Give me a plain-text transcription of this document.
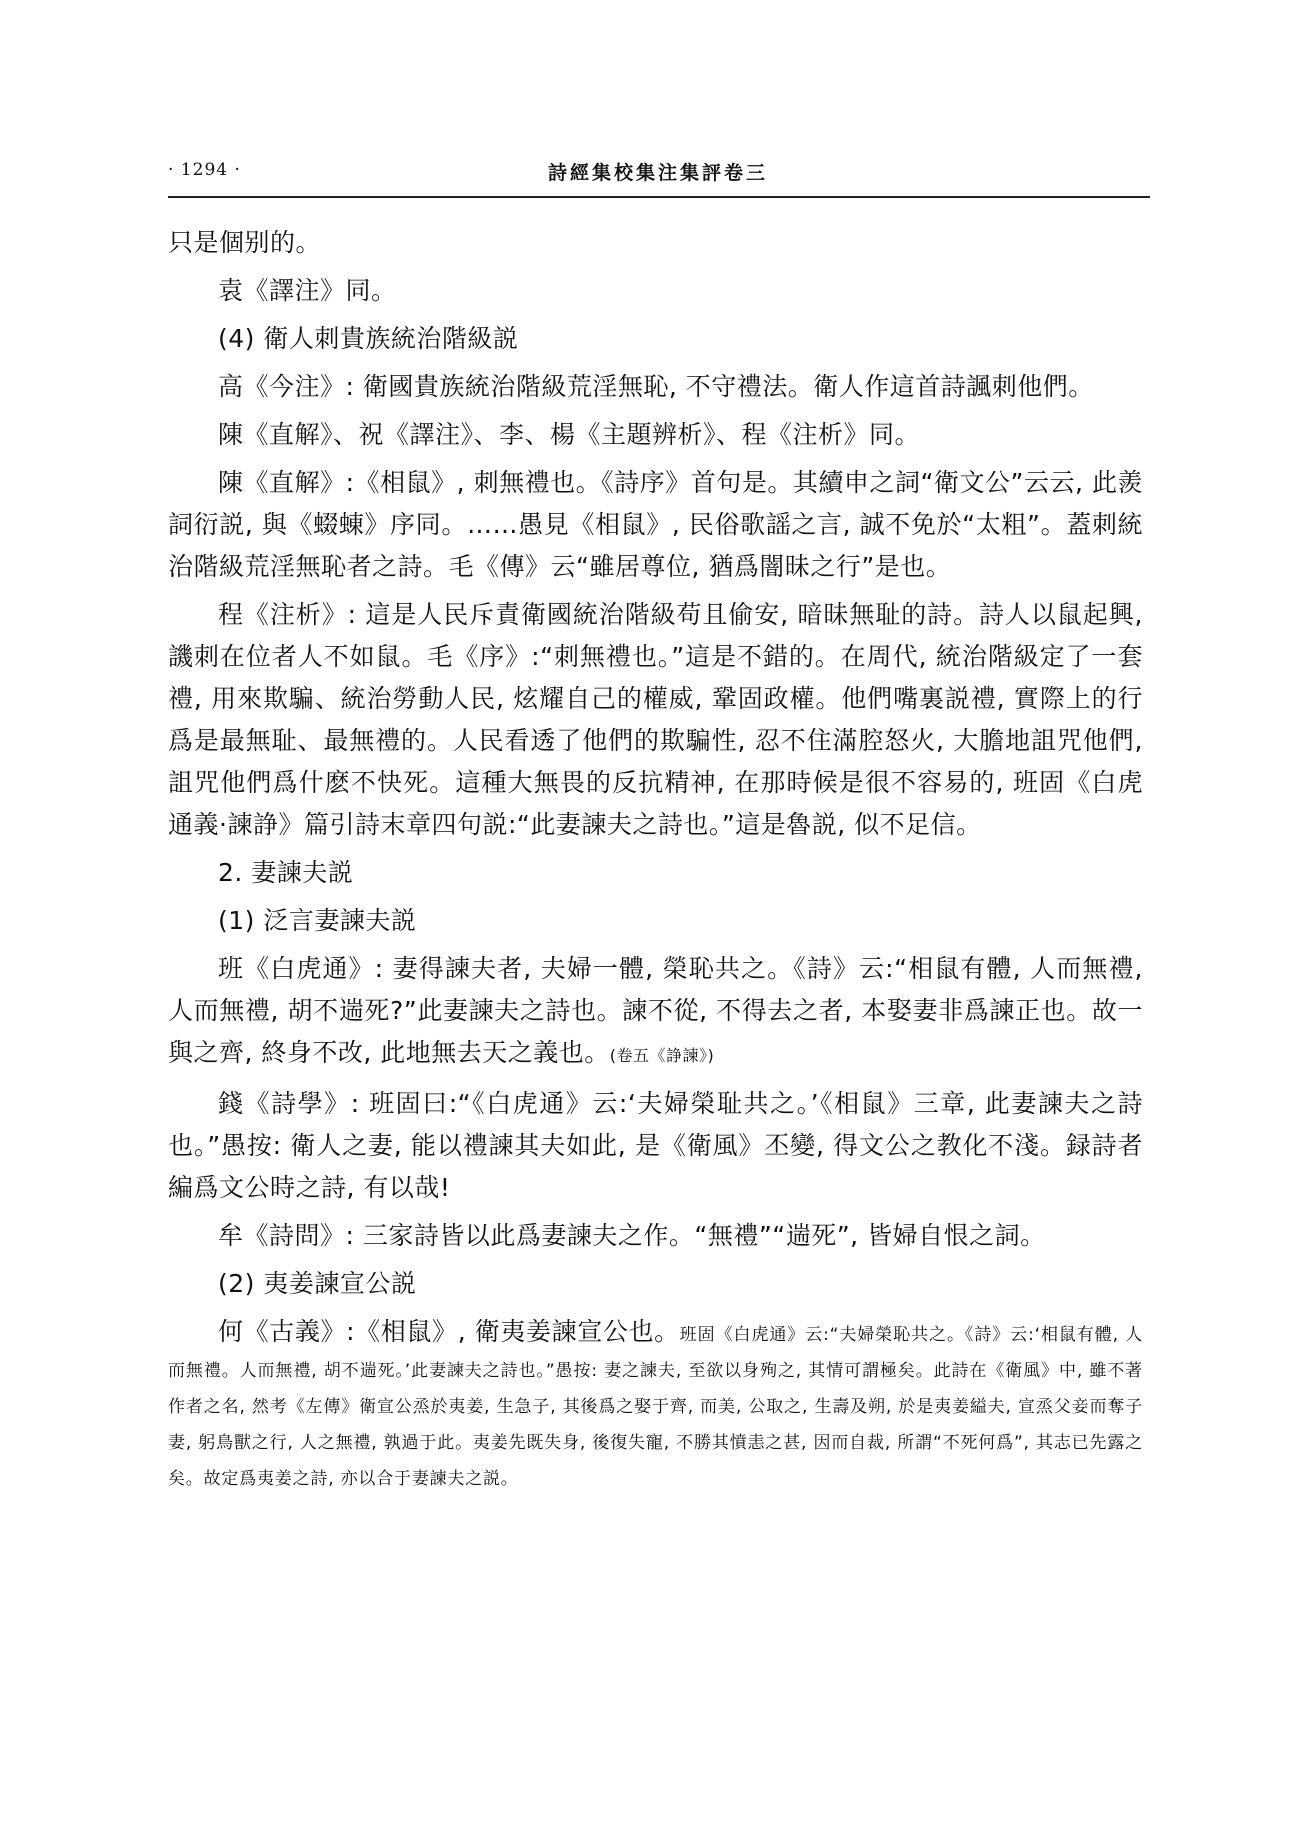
· 1294 ·	詩經集校集注集評卷三

只是個别的。

袁《譯注》同。

(4) 衛人刺貴族統治階級説

高《今注》: 衛國貴族統治階級荒淫無恥, 不守禮法。衛人作這首詩諷刺他們。

陳《直解》、祝《譯注》、李、楊《主題辨析》、程《注析》同。

陳《直解》:《相鼠》, 刺無禮也。《詩序》首句是。其續申之詞“衛文公”云云, 此羨詞衍説, 與《蝃蝀》序同。……愚見《相鼠》, 民俗歌謡之言, 誠不免於“太粗”。蓋刺統治階級荒淫無恥者之詩。毛《傳》云“雖居尊位, 猶爲闇昧之行”是也。

程《注析》: 這是人民斥責衛國統治階級苟且偷安, 暗昧無耻的詩。詩人以鼠起興, 譏刺在位者人不如鼠。毛《序》:“刺無禮也。”這是不錯的。在周代, 統治階級定了一套禮, 用來欺騙、統治勞動人民, 炫耀自己的權威, 鞏固政權。他們嘴裏説禮, 實際上的行爲是最無耻、最無禮的。人民看透了他們的欺騙性, 忍不住滿腔怒火, 大膽地詛咒他們, 詛咒他們爲什麽不快死。這種大無畏的反抗精神, 在那時候是很不容易的, 班固《白虎通義·諫諍》篇引詩末章四句説:“此妻諫夫之詩也。”這是魯説, 似不足信。

2. 妻諫夫説

(1) 泛言妻諫夫説

班《白虎通》: 妻得諫夫者, 夫婦一體, 榮恥共之。《詩》云:“相鼠有體, 人而無禮, 人而無禮, 胡不遄死?”此妻諫夫之詩也。諫不從, 不得去之者, 本娶妻非爲諫正也。故一與之齊, 終身不改, 此地無去天之義也。(卷五《諍諫》)

錢《詩學》: 班固曰:“《白虎通》云:‘夫婦榮耻共之。’《相鼠》三章, 此妻諫夫之詩也。”愚按: 衛人之妻, 能以禮諫其夫如此, 是《衛風》丕變, 得文公之教化不淺。録詩者編爲文公時之詩, 有以哉!

牟《詩問》: 三家詩皆以此爲妻諫夫之作。“無禮”“遄死”, 皆婦自恨之詞。

(2) 夷姜諫宣公説

何《古義》:《相鼠》, 衛夷姜諫宣公也。班固《白虎通》云:“夫婦榮恥共之。《詩》云:‘相鼠有體, 人而無禮。人而無禮, 胡不遄死。’此妻諫夫之詩也。”愚按: 妻之諫夫, 至欲以身殉之, 其情可謂極矣。此詩在《衛風》中, 雖不著作者之名, 然考《左傳》衛宣公烝於夷姜, 生急子, 其後爲之娶于齊, 而美, 公取之, 生壽及朔, 於是夷姜縊夫, 宣烝父妾而奪子妻, 躬鳥獸之行, 人之無禮, 孰過于此。夷姜先既失身, 後復失寵, 不勝其憤恚之甚, 因而自裁, 所謂“不死何爲”, 其志已先露之矣。故定爲夷姜之詩, 亦以合于妻諫夫之説。
